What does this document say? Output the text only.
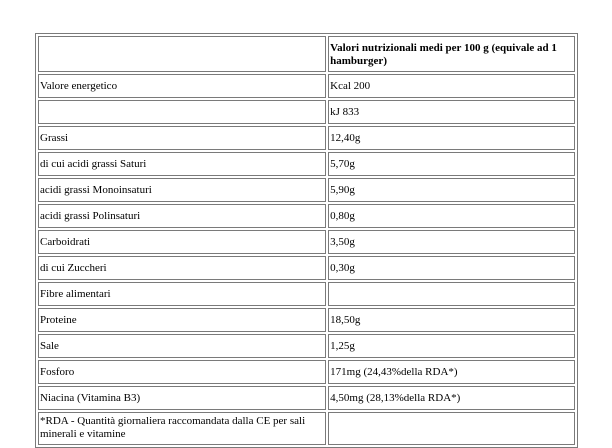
	Valori nutrizionali medi per 100 g (equivale ad 1 hamburger)
Valore energetico	Kcal 200
	kJ 833
Grassi	12,40g
di cui acidi grassi Saturi	5,70g
acidi grassi Monoinsaturi	5,90g
acidi grassi Polinsaturi	0,80g
Carboidrati	3,50g
di cui Zuccheri	0,30g
Fibre alimentari	
Proteine	18,50g
Sale	1,25g
Fosforo	171mg (24,43%della RDA*)
Niacina (Vitamina B3)	4,50mg (28,13%della RDA*)
*RDA - Quantità giornaliera raccomandata dalla CE per sali minerali e vitamine	
